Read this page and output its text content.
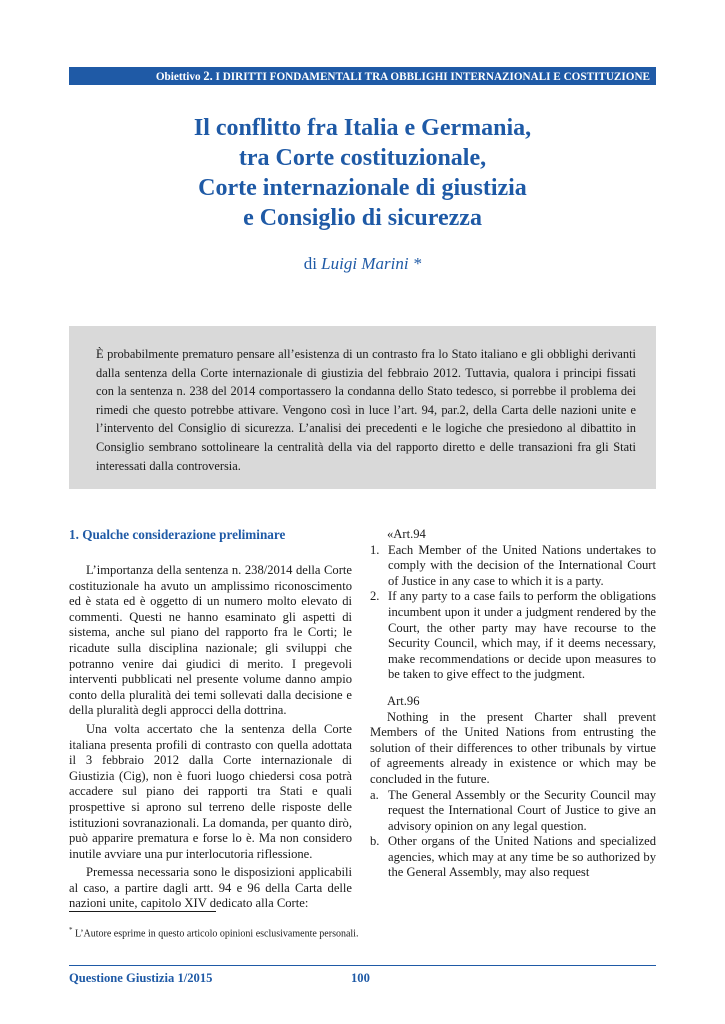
Obiettivo 2. I DIRITTI FONDAMENTALI TRA OBBLIGHI INTERNAZIONALI E COSTITUZIONE
Il conflitto fra Italia e Germania,
tra Corte costituzionale,
Corte internazionale di giustizia
e Consiglio di sicurezza
di Luigi Marini *
È probabilmente prematuro pensare all’esistenza di un contrasto fra lo Stato italiano e gli obblighi derivanti dalla sentenza della Corte internazionale di giustizia del febbraio 2012. Tuttavia, qualora i principi fissati con la sentenza n. 238 del 2014 comportassero la condanna dello Stato tedesco, si porrebbe il problema dei rimedi che questo potrebbe attivare. Vengono così in luce l’art. 94, par.2, della Carta delle nazioni unite e l’intervento del Consiglio di sicurezza. L’analisi dei precedenti e le logiche che presiedono al dibattito in Consiglio sembrano sottolineare la centralità della via del rapporto diretto e delle transazioni fra gli Stati interessati dalla controversia.
1. Qualche considerazione preliminare

L’importanza della sentenza n. 238/2014 della Corte costituzionale ha avuto un amplissimo riconoscimento ed è stata ed è oggetto di un numero molto elevato di commenti. Questi ne hanno esaminato gli aspetti di sistema, anche sul piano del rapporto fra le Corti; le ricadute sulla disciplina nazionale; gli sviluppi che potranno venire dai giudici di merito. I pregevoli interventi pubblicati nel presente volume danno ampio conto della pluralità dei temi sollevati dalla decisione e della pluralità degli approcci della dottrina.

Una volta accertato che la sentenza della Corte italiana presenta profili di contrasto con quella adottata il 3 febbraio 2012 dalla Corte internazionale di Giustizia (Cig), non è fuori luogo chiedersi cosa potrà accadere sul piano dei rapporti tra Stati e quali prospettive si aprono sul terreno delle risposte delle istituzioni sovranazionali. La domanda, per quanto dirò, può apparire prematura e forse lo è. Ma non considero inutile avviare una pur interlocutoria riflessione.

Premessa necessaria sono le disposizioni applicabili al caso, a partire dagli artt. 94 e 96 della Carta delle nazioni unite, capitolo XIV dedicato alla Corte:

«Art.94
1. Each Member of the United Nations undertakes to comply with the decision of the International Court of Justice in any case to which it is a party.
2. If any party to a case fails to perform the obligations incumbent upon it under a judgment rendered by the Court, the other party may have recourse to the Security Council, which may, if it deems necessary, make recommendations or decide upon measures to be taken to give effect to the judgment.
Art.96

Nothing in the present Charter shall prevent Members of the United Nations from entrusting the solution of their differences to other tribunals by virtue of agreements already in existence or which may be concluded in the future.

a. The General Assembly or the Security Council may request the International Court of Justice to give an advisory opinion on any legal question.
b. Other organs of the United Nations and specialized agencies, which may at any time be so authorized by the General Assembly, may also request
* L’Autore esprime in questo articolo opinioni esclusivamente personali.
Questione Giustizia 1/2015	100
